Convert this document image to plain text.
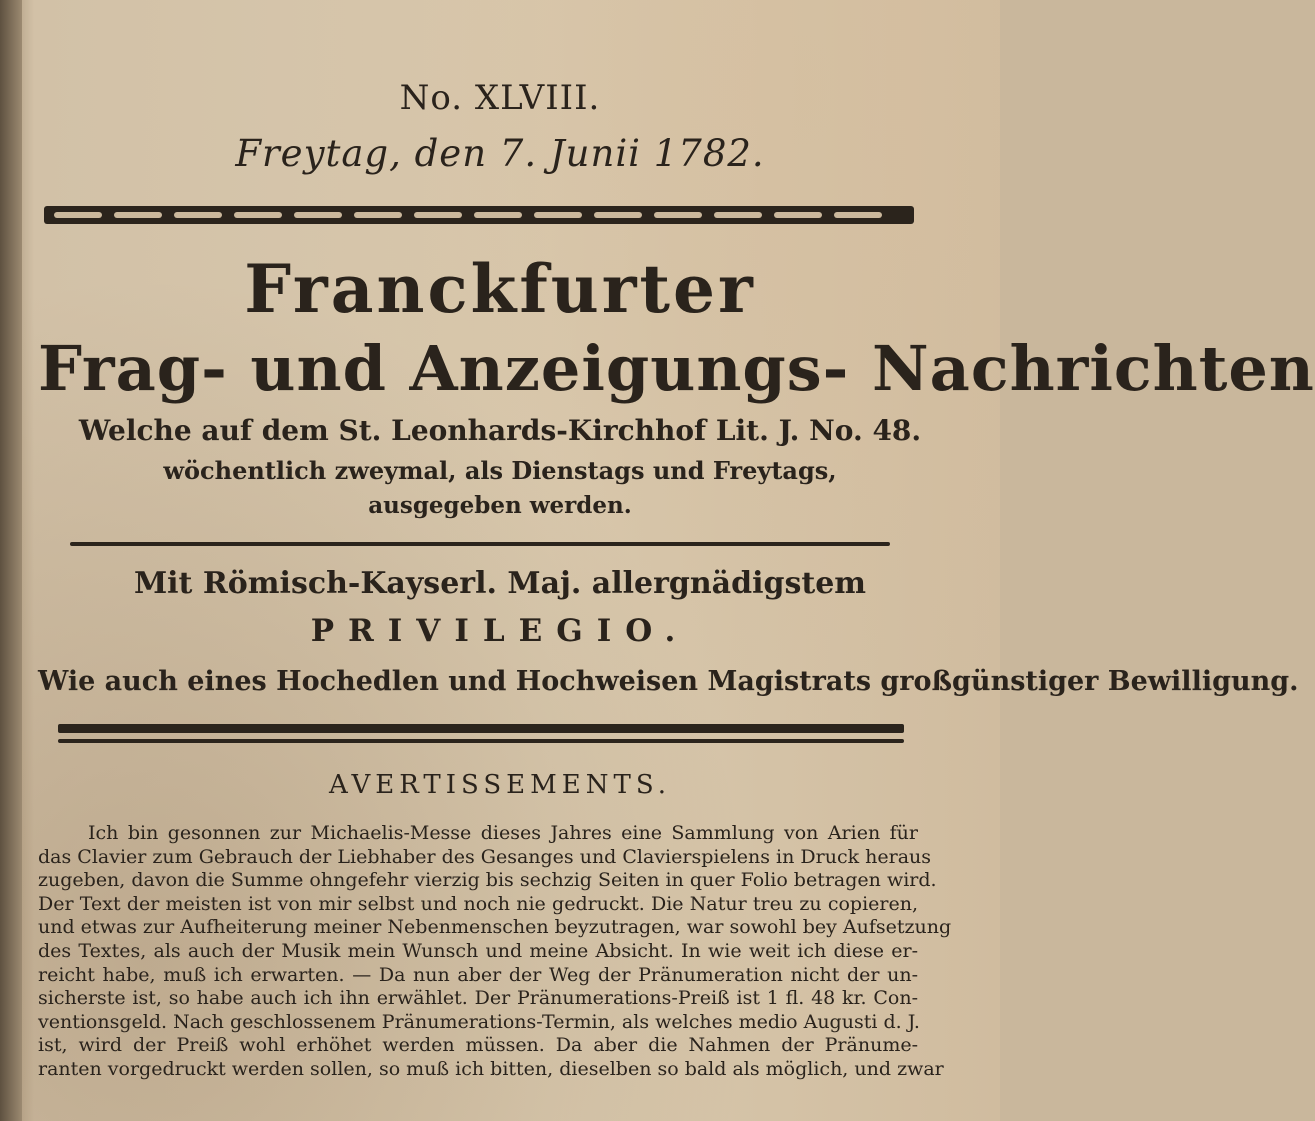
No. XLVIII.
Freytag, den 7. Junii 1782.
Franckfurter
Frag- und Anzeigungs- Nachrichten
Welche auf dem St. Leonhards-Kirchhof Lit. J. No. 48.
wöchentlich zweymal, als Dienstags und Freytags,
ausgegeben werden.
Mit Römisch-Kayserl. Maj. allergnädigstem
PRIVILEGIO.
Wie auch eines Hochedlen und Hochweisen Magistrats großgünstiger Bewilligung.
AVERTISSEMENTS.
Ich bin gesonnen zur Michaelis-Messe dieses Jahres eine Sammlung von Arien für
das Clavier zum Gebrauch der Liebhaber des Gesanges und Clavierspielens in Druck heraus
zugeben, davon die Summe ohngefehr vierzig bis sechzig Seiten in quer Folio betragen wird.
Der Text der meisten ist von mir selbst und noch nie gedruckt. Die Natur treu zu copieren,
und etwas zur Aufheiterung meiner Nebenmenschen beyzutragen, war sowohl bey Aufsetzung
des Textes, als auch der Musik mein Wunsch und meine Absicht. In wie weit ich diese er-
reicht habe, muß ich erwarten. — Da nun aber der Weg der Pränumeration nicht der un-
sicherste ist, so habe auch ich ihn erwählet. Der Pränumerations-Preiß ist 1 fl. 48 kr. Con-
ventionsgeld. Nach geschlossenem Pränumerations-Termin, als welches medio Augusti d. J.
ist, wird der Preiß wohl erhöhet werden müssen. Da aber die Nahmen der Pränume-
ranten vorgedruckt werden sollen, so muß ich bitten, dieselben so bald als möglich, und zwar
